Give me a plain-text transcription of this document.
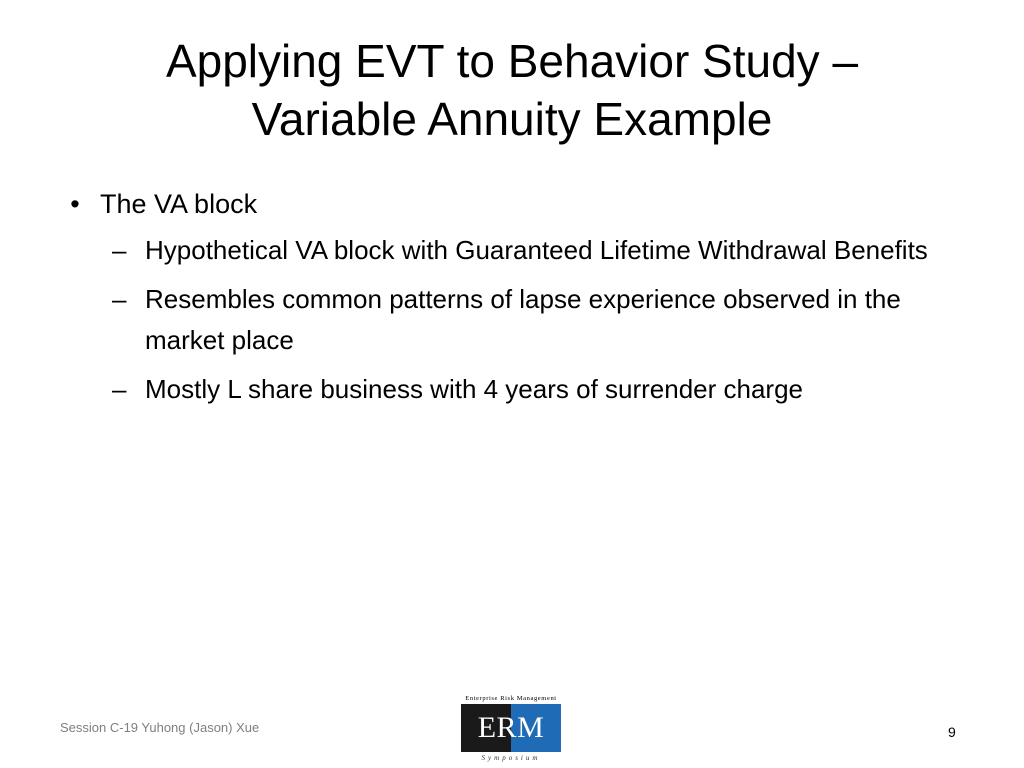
Applying EVT to Behavior Study –
Variable Annuity Example
• The VA block
– Hypothetical VA block with Guaranteed Lifetime Withdrawal Benefits
– Resembles common patterns of lapse experience observed in the market place
– Mostly L share business with 4 years of surrender charge
Session C-19 Yuhong (Jason) Xue
Enterprise Risk Management
ERM
Symposium
9
